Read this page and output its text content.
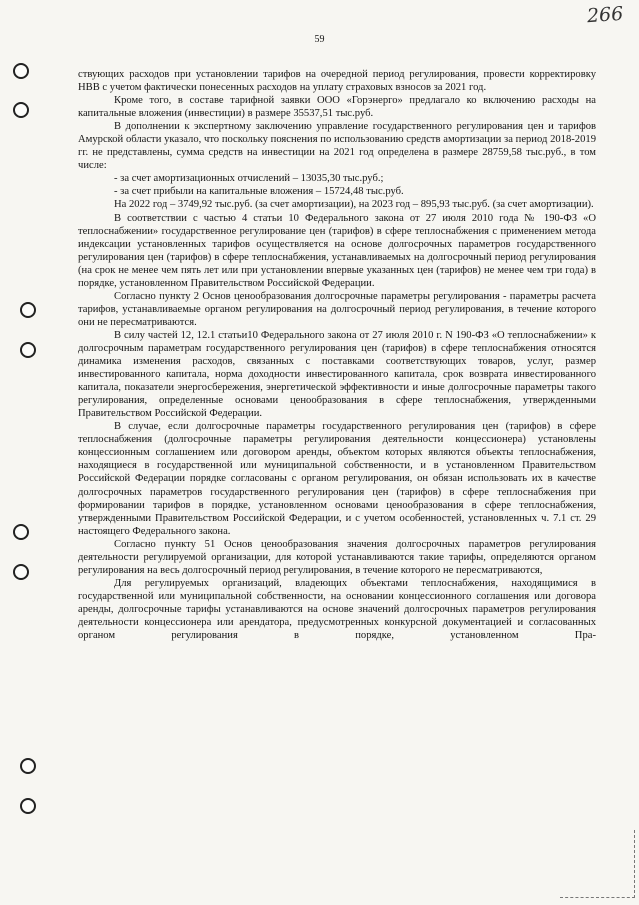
266
59

ствующих расходов при установлении тарифов на очередной период регулирования, провести корректировку НВВ с учетом фактически понесенных расходов на уплату страховых взносов за 2021 год.

Кроме того, в составе тарифной заявки ООО «Горэнерго» предлагало ко включению расходы на капитальные вложения (инвестиции) в размере 35537,51 тыс.руб.

В дополнении к экспертному заключению управление государственного регулирования цен и тарифов Амурской области указало, что поскольку пояснения по использованию средств амортизации за период 2018-2019 гг. не представлены, сумма средств на инвестиции на 2021 год определена в размере 28759,58 тыс.руб., в том числе:

- за счет амортизационных отчислений – 13035,30 тыс.руб.;

- за счет прибыли на капитальные вложения – 15724,48 тыс.руб.

На 2022 год – 3749,92 тыс.руб. (за счет амортизации), на 2023 год – 895,93 тыс.руб. (за счет амортизации).

В соответствии с частью 4 статьи 10 Федерального закона от 27 июля 2010 года № 190-ФЗ «О теплоснабжении» государственное регулирование цен (тарифов) в сфере теплоснабжения с применением метода индексации установленных тарифов осуществляется на основе долгосрочных параметров государственного регулирования цен (тарифов) в сфере теплоснабжения, устанавливаемых на долгосрочный период регулирования (на срок не менее чем пять лет или при установлении впервые указанных цен (тарифов) не менее чем три года) в порядке, установленном Правительством Российской Федерации.

Согласно пункту 2 Основ ценообразования долгосрочные параметры регулирования - параметры расчета тарифов, устанавливаемые органом регулирования на долгосрочный период регулирования, в течение которого они не пересматриваются.

В силу частей 12, 12.1 статьи10 Федерального закона от 27 июля 2010 г. N 190-ФЗ «О теплоснабжении» к долгосрочным параметрам государственного регулирования цен (тарифов) в сфере теплоснабжения относятся динамика изменения расходов, связанных с поставками соответствующих товаров, услуг, размер инвестированного капитала, норма доходности инвестированного капитала, срок возврата инвестированного капитала, показатели энергосбережения, энергетической эффективности и иные долгосрочные параметры такого регулирования, определенные основами ценообразования в сфере теплоснабжения, утвержденными Правительством Российской Федерации.

В случае, если долгосрочные параметры государственного регулирования цен (тарифов) в сфере теплоснабжения (долгосрочные параметры регулирования деятельности концессионера) установлены концессионным соглашением или договором аренды, объектом которых являются объекты теплоснабжения, находящиеся в государственной или муниципальной собственности, и в установленном Правительством Российской Федерации порядке согласованы с органом регулирования, он обязан использовать их в качестве долгосрочных параметров государственного регулирования цен (тарифов) в сфере теплоснабжения при формировании тарифов в порядке, установленном основами ценообразования в сфере теплоснабжения, утвержденными Правительством Российской Федерации, и с учетом особенностей, установленных ч. 7.1 ст. 29 настоящего Федерального закона.

Согласно пункту 51 Основ ценообразования значения долгосрочных параметров регулирования деятельности регулируемой организации, для которой устанавливаются такие тарифы, определяются органом регулирования на весь долгосрочный период регулирования, в течение которого не пересматриваются,

Для регулируемых организаций, владеющих объектами теплоснабжения, находящимися в государственной или муниципальной собственности, на основании концессионного соглашения или договора аренды, долгосрочные тарифы устанавливаются на основе значений долгосрочных параметров регулирования деятельности концессионера или арендатора, предусмотренных конкурсной документацией и согласованных органом регулирования в порядке, установленном Пра-
